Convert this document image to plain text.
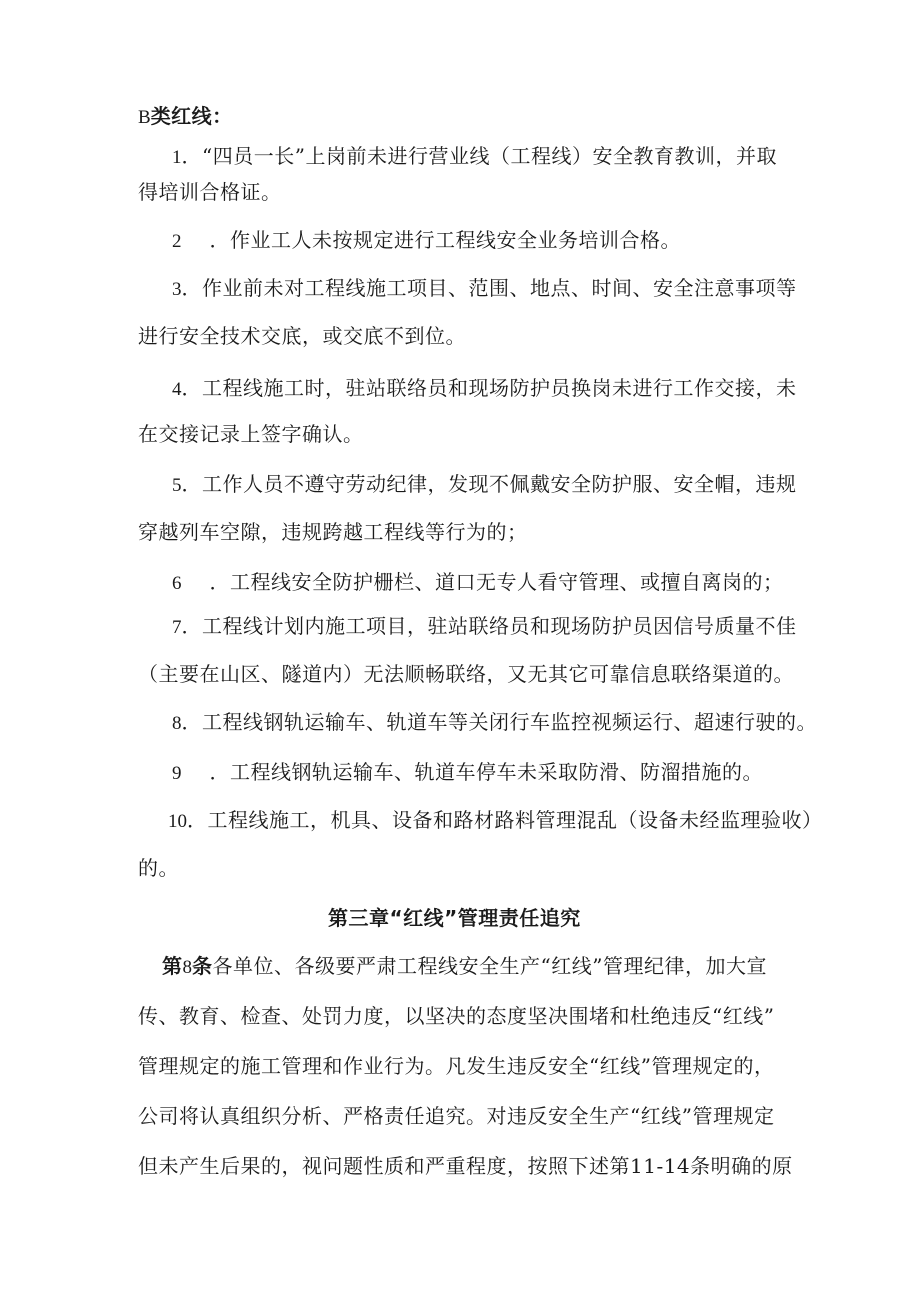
B类红线：
1．“四员一长”上岗前未进行营业线（工程线）安全教育教训，并取
得培训合格证。
2 ．作业工人未按规定进行工程线安全业务培训合格。
3．作业前未对工程线施工项目、范围、地点、时间、安全注意事项等
进行安全技术交底，或交底不到位。
4．工程线施工时，驻站联络员和现场防护员换岗未进行工作交接，未
在交接记录上签字确认。
5．工作人员不遵守劳动纪律，发现不佩戴安全防护服、安全帽，违规
穿越列车空隙，违规跨越工程线等行为的；
6 ．工程线安全防护栅栏、道口无专人看守管理、或擅自离岗的；
7．工程线计划内施工项目，驻站联络员和现场防护员因信号质量不佳
（主要在山区、隧道内）无法顺畅联络，又无其它可靠信息联络渠道的。
8．工程线钢轨运输车、轨道车等关闭行车监控视频运行、超速行驶的。
9 ．工程线钢轨运输车、轨道车停车未采取防滑、防溜措施的。
10．工程线施工，机具、设备和路材路料管理混乱（设备未经监理验收）
的。
第三章“红线”管理责任追究
第8条各单位、各级要严肃工程线安全生产“红线”管理纪律，加大宣
传、教育、检查、处罚力度，以坚决的态度坚决围堵和杜绝违反“红线”
管理规定的施工管理和作业行为。凡发生违反安全“红线”管理规定的，
公司将认真组织分析、严格责任追究。对违反安全生产“红线”管理规定
但未产生后果的，视问题性质和严重程度，按照下述第11-14条明确的原
